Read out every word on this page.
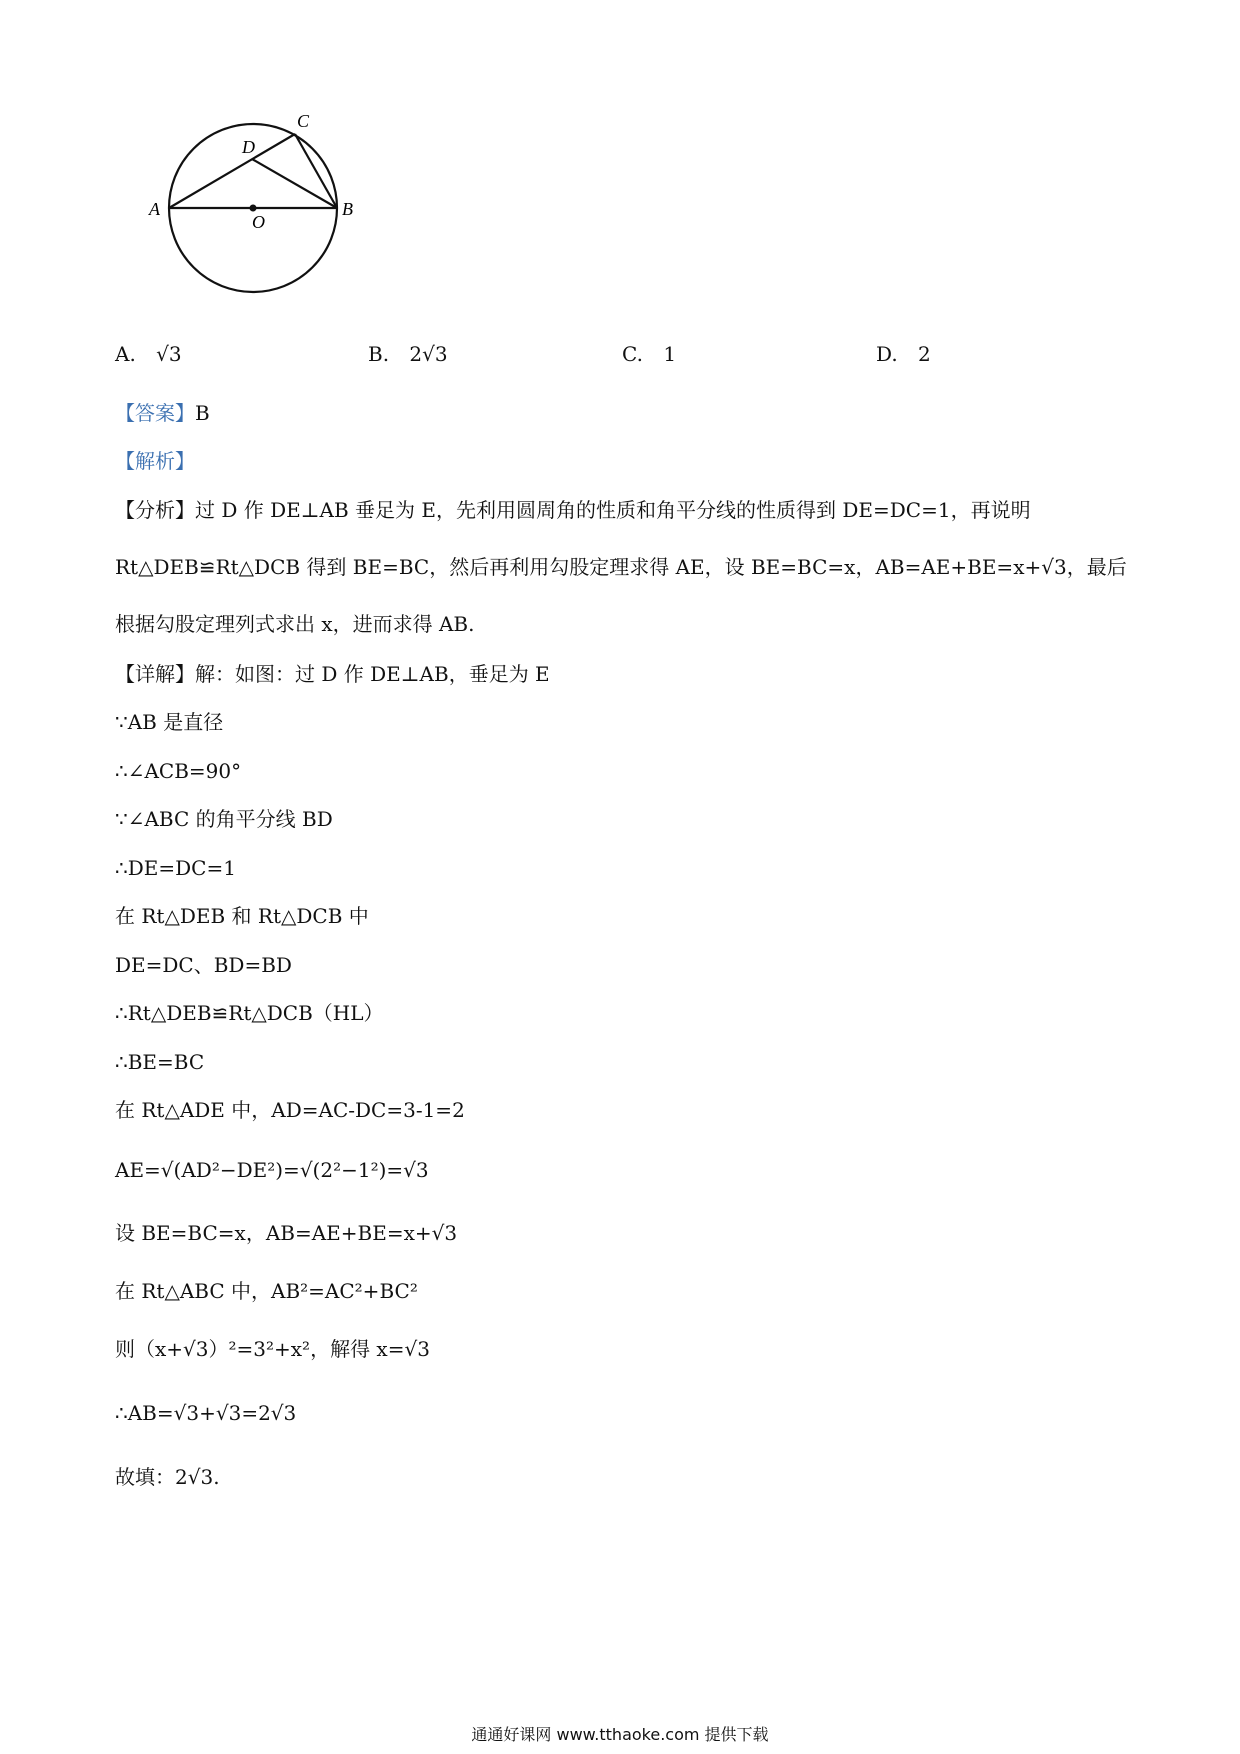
A	B
C
D
O
A. √3	B. 2√3	C. 1	D. 2
【答案】B
【解析】
【分析】过 D 作 DE⊥AB 垂足为 E，先利用圆周角的性质和角平分线的性质得到 DE=DC=1，再说明
Rt△DEB≌Rt△DCB 得到 BE=BC，然后再利用勾股定理求得 AE，设 BE=BC=x，AB=AE+BE=x+√3，最后
根据勾股定理列式求出 x，进而求得 AB.
【详解】解：如图：过 D 作 DE⊥AB，垂足为 E
∵AB 是直径
∴∠ACB=90°
∵∠ABC 的角平分线 BD
∴DE=DC=1
在 Rt△DEB 和 Rt△DCB 中
DE=DC、BD=BD
∴Rt△DEB≌Rt△DCB（HL）
∴BE=BC
在 Rt△ADE 中，AD=AC-DC=3-1=2
AE=√(AD²−DE²)=√(2²−1²)=√3
设 BE=BC=x，AB=AE+BE=x+√3
在 Rt△ABC 中，AB²=AC²+BC²
则（x+√3）²=3²+x²，解得 x=√3
∴AB=√3+√3=2√3
故填：2√3.
通通好课网 www.tthaoke.com 提供下载
